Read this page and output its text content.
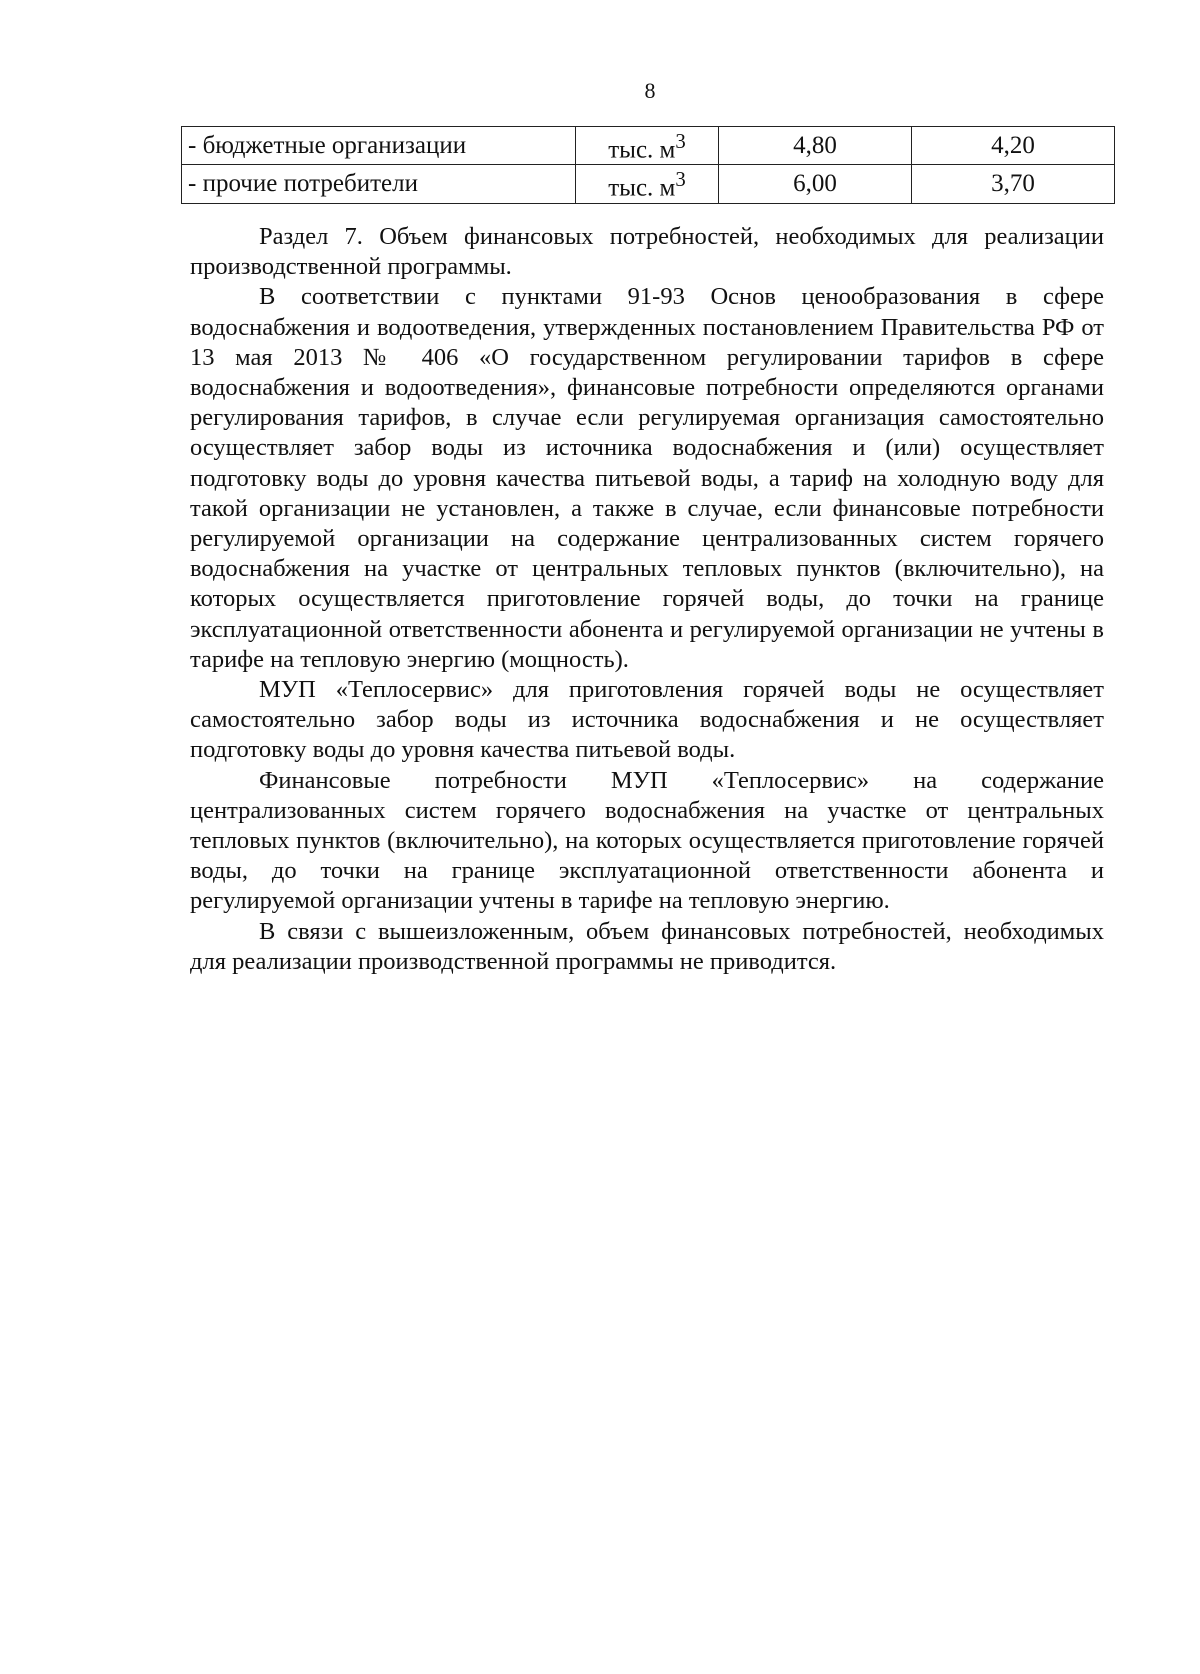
8
- бюджетные организации	тыс. $м^3$	4,80	4,20
- прочие потребители	тыс. $м^3$	6,00	3,70

Раздел 7. Объем финансовых потребностей, необходимых для реализации производственной программы.

В соответствии с пунктами 91-93 Основ ценообразования в сфере водоснабжения и водоотведения, утвержденных постановлением Правительства РФ от 13 мая 2013 № 406 «О государственном регулировании тарифов в сфере водоснабжения и водоотведения», финансовые потребности определяются органами регулирования тарифов, в случае если регулируемая организация самостоятельно осуществляет забор воды из источника водоснабжения и (или) осуществляет подготовку воды до уровня качества питьевой воды, а тариф на холодную воду для такой организации не установлен, а также в случае, если финансовые потребности регулируемой организации на содержание централизованных систем горячего водоснабжения на участке от центральных тепловых пунктов (включительно), на которых осуществляется приготовление горячей воды, до точки на границе эксплуатационной ответственности абонента и регулируемой организации не учтены в тарифе на тепловую энергию (мощность).

МУП «Теплосервис» для приготовления горячей воды не осуществляет самостоятельно забор воды из источника водоснабжения и не осуществляет подготовку воды до уровня качества питьевой воды.

Финансовые потребности МУП «Теплосервис» на содержание централизованных систем горячего водоснабжения на участке от центральных тепловых пунктов (включительно), на которых осуществляется приготовление горячей воды, до точки на границе эксплуатационной ответственности абонента и регулируемой организации учтены в тарифе на тепловую энергию.

В связи с вышеизложенным, объем финансовых потребностей, необходимых для реализации производственной программы не приводится.
